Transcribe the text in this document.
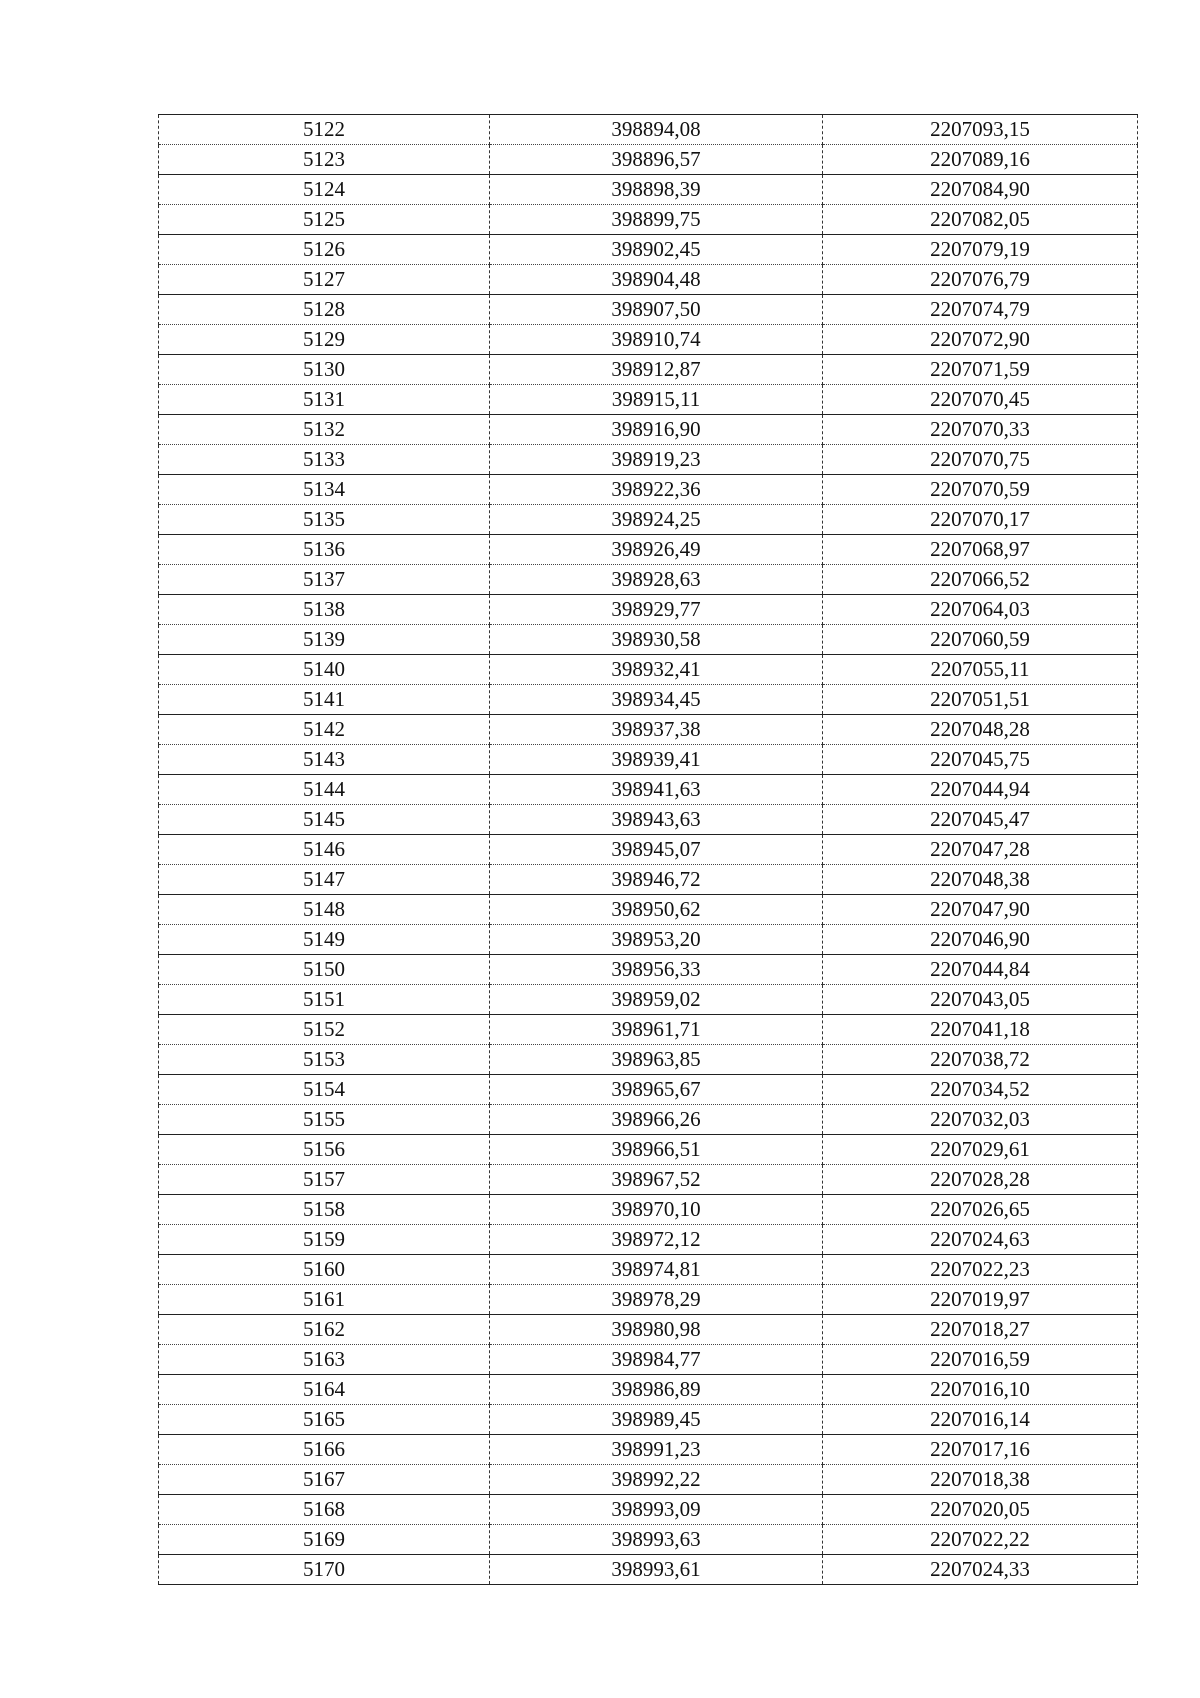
5122	398894,08	2207093,15
5123	398896,57	2207089,16
5124	398898,39	2207084,90
5125	398899,75	2207082,05
5126	398902,45	2207079,19
5127	398904,48	2207076,79
5128	398907,50	2207074,79
5129	398910,74	2207072,90
5130	398912,87	2207071,59
5131	398915,11	2207070,45
5132	398916,90	2207070,33
5133	398919,23	2207070,75
5134	398922,36	2207070,59
5135	398924,25	2207070,17
5136	398926,49	2207068,97
5137	398928,63	2207066,52
5138	398929,77	2207064,03
5139	398930,58	2207060,59
5140	398932,41	2207055,11
5141	398934,45	2207051,51
5142	398937,38	2207048,28
5143	398939,41	2207045,75
5144	398941,63	2207044,94
5145	398943,63	2207045,47
5146	398945,07	2207047,28
5147	398946,72	2207048,38
5148	398950,62	2207047,90
5149	398953,20	2207046,90
5150	398956,33	2207044,84
5151	398959,02	2207043,05
5152	398961,71	2207041,18
5153	398963,85	2207038,72
5154	398965,67	2207034,52
5155	398966,26	2207032,03
5156	398966,51	2207029,61
5157	398967,52	2207028,28
5158	398970,10	2207026,65
5159	398972,12	2207024,63
5160	398974,81	2207022,23
5161	398978,29	2207019,97
5162	398980,98	2207018,27
5163	398984,77	2207016,59
5164	398986,89	2207016,10
5165	398989,45	2207016,14
5166	398991,23	2207017,16
5167	398992,22	2207018,38
5168	398993,09	2207020,05
5169	398993,63	2207022,22
5170	398993,61	2207024,33
